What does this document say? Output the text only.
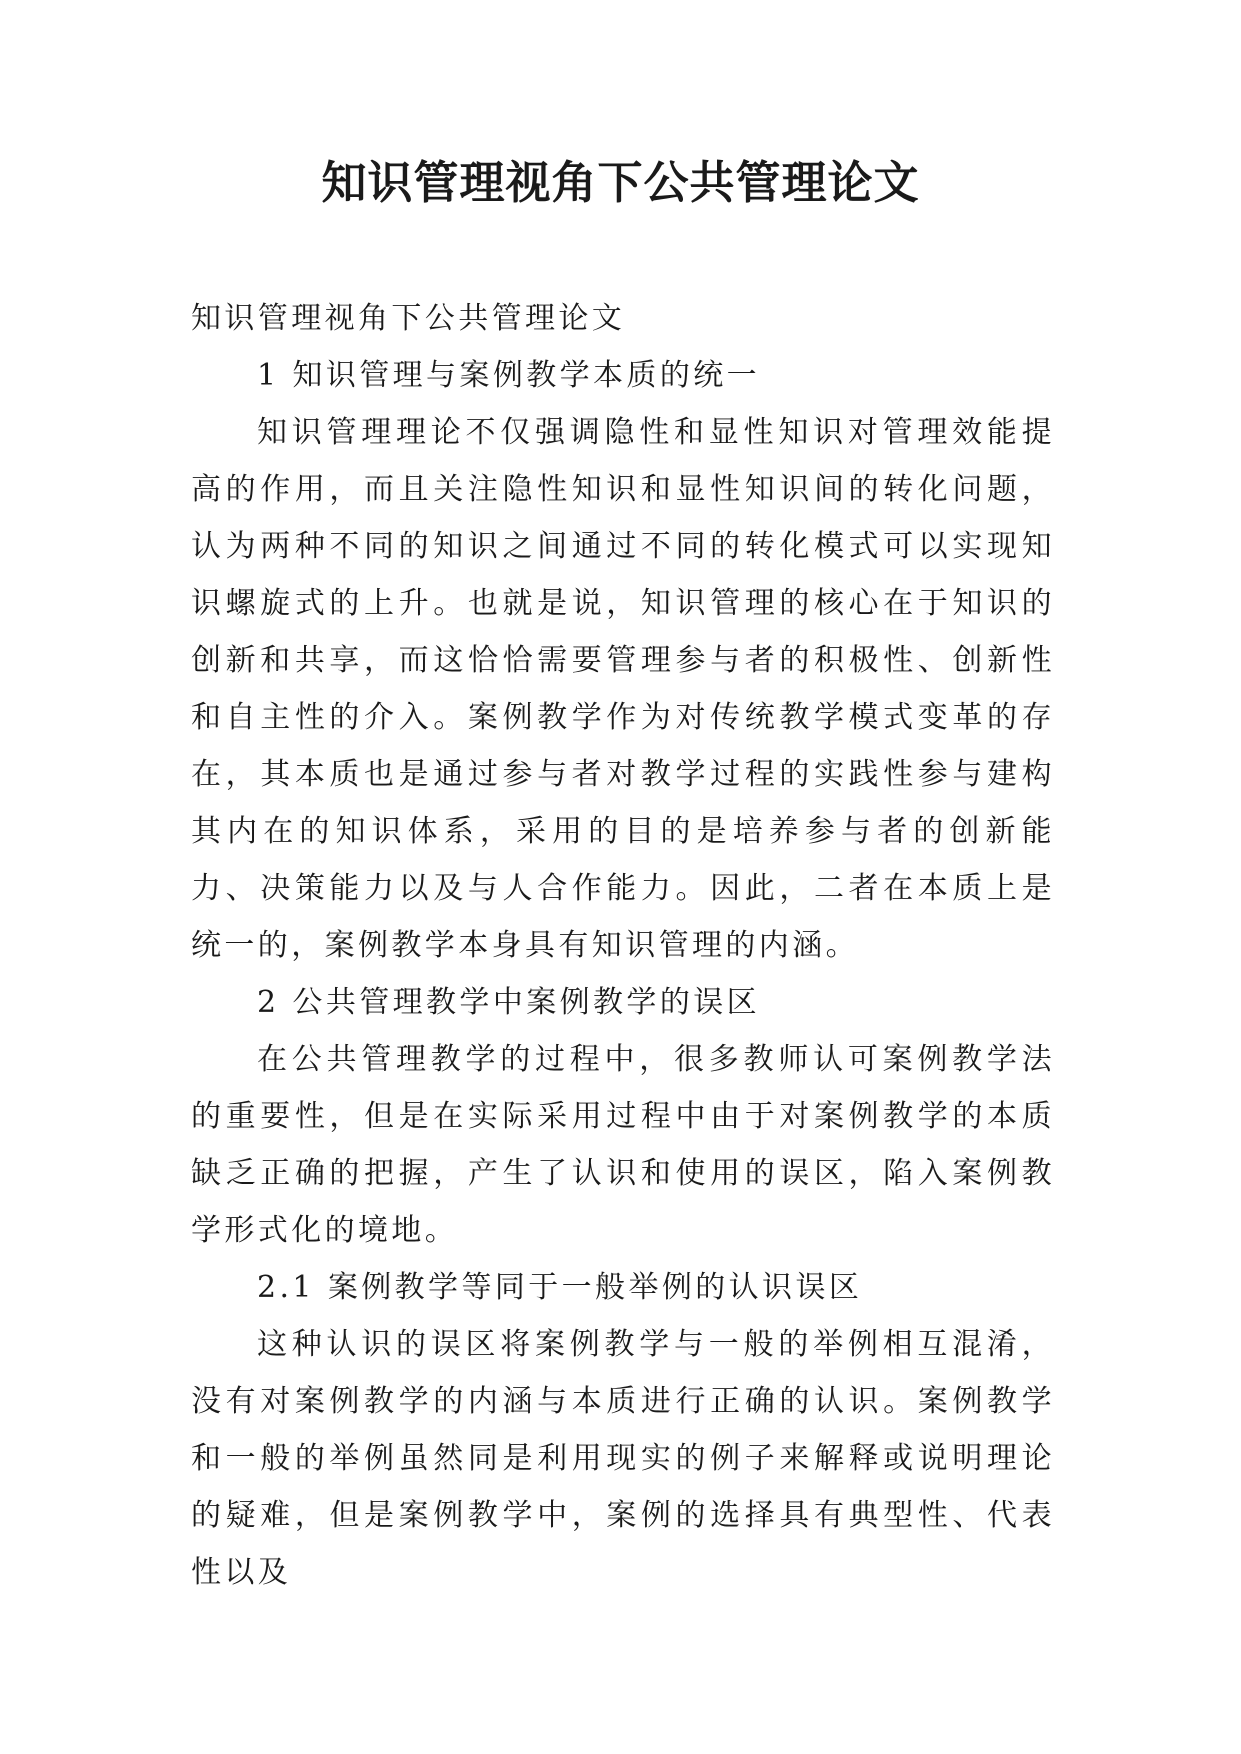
知识管理视角下公共管理论文

知识管理视角下公共管理论文

1 知识管理与案例教学本质的统一

知识管理理论不仅强调隐性和显性知识对管理效能提高的作用，而且关注隐性知识和显性知识间的转化问题，认为两种不同的知识之间通过不同的转化模式可以实现知识螺旋式的上升。也就是说，知识管理的核心在于知识的创新和共享，而这恰恰需要管理参与者的积极性、创新性和自主性的介入。案例教学作为对传统教学模式变革的存在，其本质也是通过参与者对教学过程的实践性参与建构其内在的知识体系，采用的目的是培养参与者的创新能力、决策能力以及与人合作能力。因此，二者在本质上是统一的，案例教学本身具有知识管理的内涵。

2 公共管理教学中案例教学的误区

在公共管理教学的过程中，很多教师认可案例教学法的重要性，但是在实际采用过程中由于对案例教学的本质缺乏正确的把握，产生了认识和使用的误区，陷入案例教学形式化的境地。

2.1 案例教学等同于一般举例的认识误区

这种认识的误区将案例教学与一般的举例相互混淆，没有对案例教学的内涵与本质进行正确的认识。案例教学和一般的举例虽然同是利用现实的例子来解释或说明理论的疑难，但是案例教学中，案例的选择具有典型性、代表性以及
